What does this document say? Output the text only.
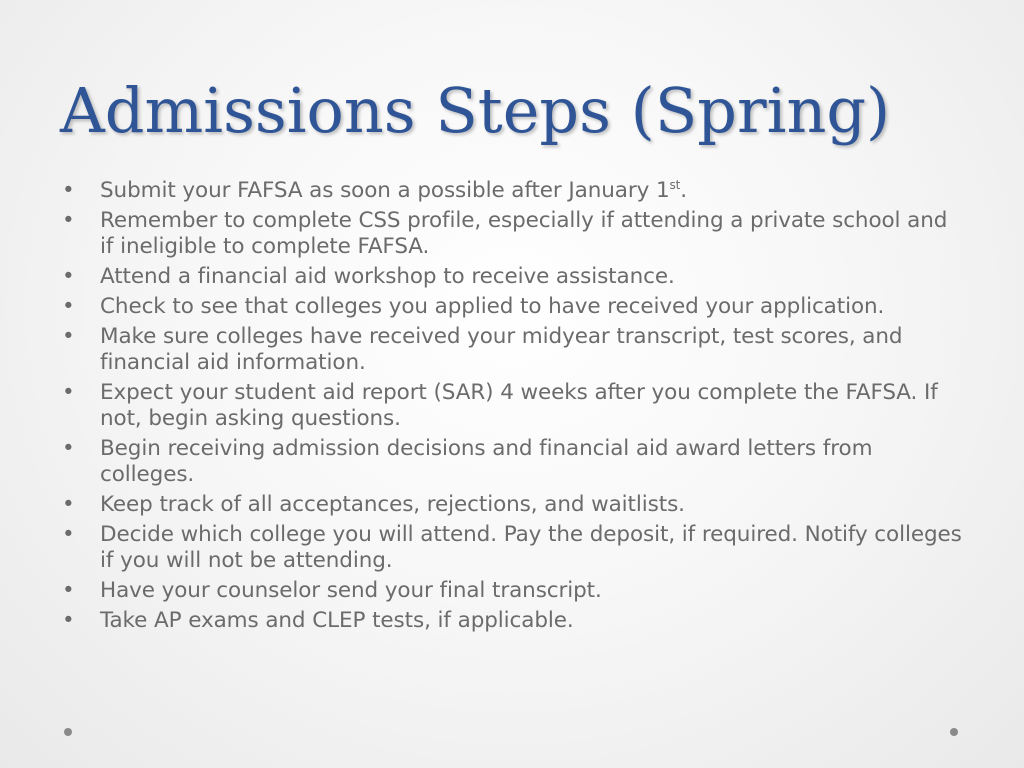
Admissions Steps (Spring)
• Submit your FAFSA as soon a possible after January 1st.
• Remember to complete CSS profile, especially if attending a private school and if ineligible to complete FAFSA.
• Attend a financial aid workshop to receive assistance.
• Check to see that colleges you applied to have received your application.
• Make sure colleges have received your midyear transcript, test scores, and financial aid information.
• Expect your student aid report (SAR) 4 weeks after you complete the FAFSA. If not, begin asking questions.
• Begin receiving admission decisions and financial aid award letters from colleges.
• Keep track of all acceptances, rejections, and waitlists.
• Decide which college you will attend. Pay the deposit, if required. Notify colleges if you will not be attending.
• Have your counselor send your final transcript.
• Take AP exams and CLEP tests, if applicable.
